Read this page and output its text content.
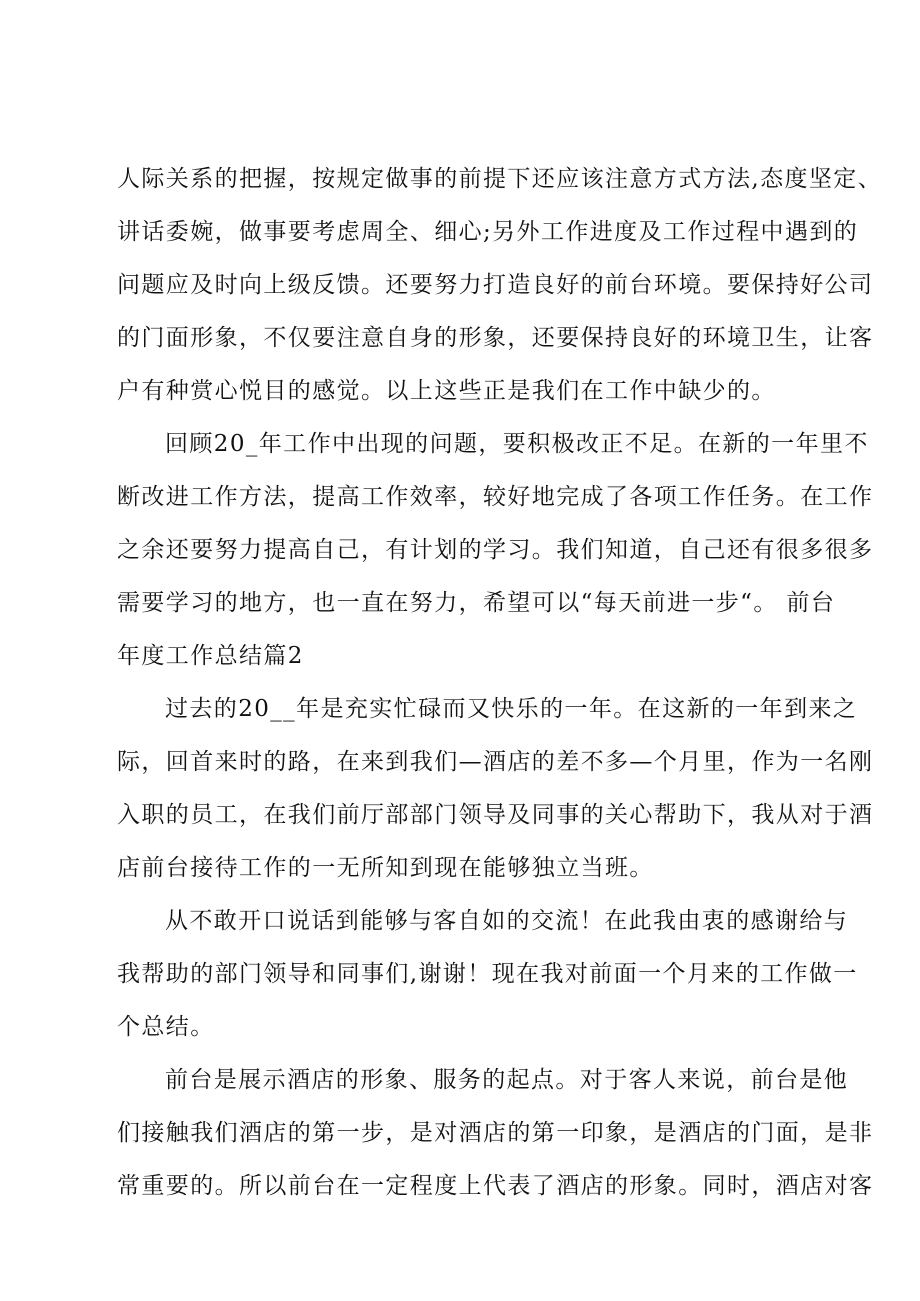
人际关系的把握，按规定做事的前提下还应该注意方式方法,态度坚定、
讲话委婉，做事要考虑周全、细心;另外工作进度及工作过程中遇到的
问题应及时向上级反馈。还要努力打造良好的前台环境。要保持好公司
的门面形象，不仅要注意自身的形象，还要保持良好的环境卫生，让客
户有种赏心悦目的感觉。以上这些正是我们在工作中缺少的。
回顾20_年工作中出现的问题，要积极改正不足。在新的一年里不
断改进工作方法，提高工作效率，较好地完成了各项工作任务。在工作
之余还要努力提高自己，有计划的学习。我们知道，自己还有很多很多
需要学习的地方，也一直在努力，希望可以“每天前进一步“。 前台
年度工作总结篇2
过去的20__年是充实忙碌而又快乐的一年。在这新的一年到来之
际，回首来时的路，在来到我们—酒店的差不多—个月里，作为一名刚
入职的员工，在我们前厅部部门领导及同事的关心帮助下，我从对于酒
店前台接待工作的一无所知到现在能够独立当班。
从不敢开口说话到能够与客自如的交流！在此我由衷的感谢给与
我帮助的部门领导和同事们,谢谢！现在我对前面一个月来的工作做一
个总结。
前台是展示酒店的形象、服务的起点。对于客人来说，前台是他
们接触我们酒店的第一步，是对酒店的第一印象，是酒店的门面，是非
常重要的。所以前台在一定程度上代表了酒店的形象。同时，酒店对客
